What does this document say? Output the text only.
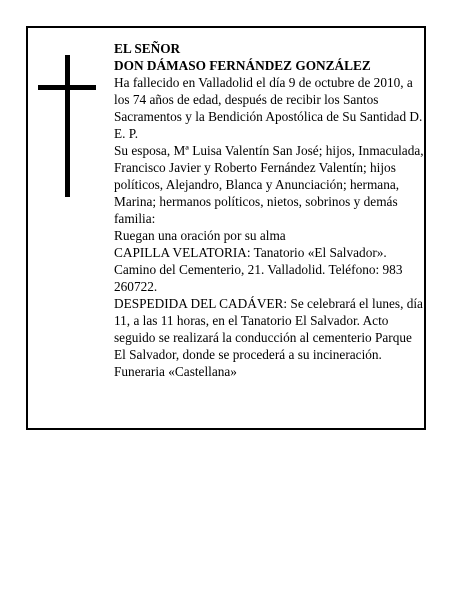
EL SEÑOR

DON DÁMASO FERNÁNDEZ GONZÁLEZ

Ha fallecido en Valladolid el día 9 de octubre de 2010, a los 74 años de edad, después de recibir los Santos Sacramentos y la Bendición Apostólica de Su Santidad D. E. P.

Su esposa, Mª Luisa Valentín San José; hijos, Inmaculada, Francisco Javier y Roberto Fernández Valentín; hijos políticos, Alejandro, Blanca y Anunciación; hermana, Marina; hermanos políticos, nietos, sobrinos y demás familia:

Ruegan una oración por su alma

CAPILLA VELATORIA: Tanatorio «El Salvador». Camino del Cementerio, 21. Valladolid. Teléfono: 983 260722.

DESPEDIDA DEL CADÁVER: Se celebrará el lunes, día 11, a las 11 horas, en el Tanatorio El Salvador. Acto seguido se realizará la conducción al cementerio Parque El Salvador, donde se procederá a su incineración.

Funeraria «Castellana»
